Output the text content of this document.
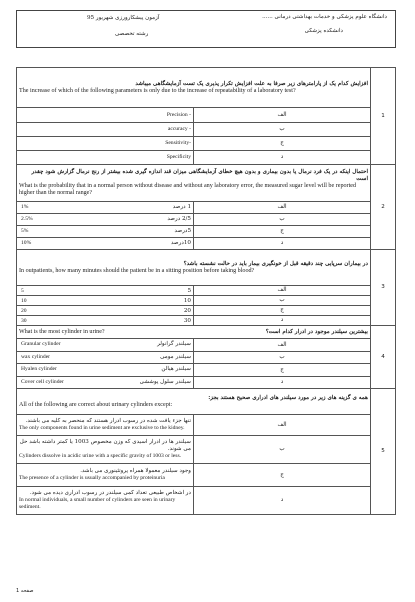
دانشگاه علوم پزشکی و خدمات بهداشتی درمانی ......
دانشکده پزشکی
آزمون پیشکارورزی شهریور 95
رشته تخصصی
افزایش کدام یک از پارامترهای زیر صرفا به علت افزایش تکرار پذیری یک تست آزمایشگاهی میباشد
The increase of which of the following parameters is only due to the increase of repeatability of a laboratory test?		1

Precision -	الف	

accuracy -	ب	

Sensitivity-	ج	

Specificity	د	

احتمال اینکه در یک فرد نرمال یا بدون بیماری و بدون هیچ خطای آزمایشگاهی میزان قند اندازه گیری شده بیشتر از رنج نرمال گزارش شود چقدر است
What is the probability that in a normal person without disease and without any laboratory error, the measured sugar level will be reported higher than the normal range?		2

1 درصد
1%	الف	

2/5 درصد
2.5%	ب	

5درصد
5%	ج	

10درصد
10%	د	

در بیماران سرپایی چند دقیقه قبل از خونگیری بیمار باید در حالت نشسته باشد؟
In outpatients, how many minutes should the patient be in a sitting position before taking blood?		3

5
5	الف	

10
10	ب	

20
20	ج	

30
30	د	

بیشترین سیلندر موجود در ادرار کدام است؟
What is the most cylinder in urine?		4

سیلندر گرانولر
Granular cylinder	الف	

سیلندر مومی
wax cylinder	ب	

سیلندر هیالن
Hyalen cylinder	ج	

سیلندر سلول پوششی
Cover cell cylinder	د	

همه ی گزینه های زیر در مورد سیلندر های ادراری صحیح هستند بجز:
All of the following are correct about urinary cylinders except:		5

تنها جزء یافت شده در رسوب ادرار هستند که منحصر به کلیه می باشند.
The only components found in urine sediment are exclusive to the kidney.	الف	

سیلندر ها در ادرار اسیدی که وزن مخصوص 1003 یا کمتر داشته باشد حل می شوند.
Cylinders dissolve in acidic urine with a specific gravity of 1003 or less.	ب	

وجود سیلندر معمولا همراه پروتئینوری می باشد.
The presence of a cylinder is usually accompanied by proteinuria	ج	

در اشخاص طبیعی تعداد کمی سیلندر در رسوب ادراری دیده می شود.
In normal individuals, a small number of cylinders are seen in urinary sediment.	د	
صفحه 1
